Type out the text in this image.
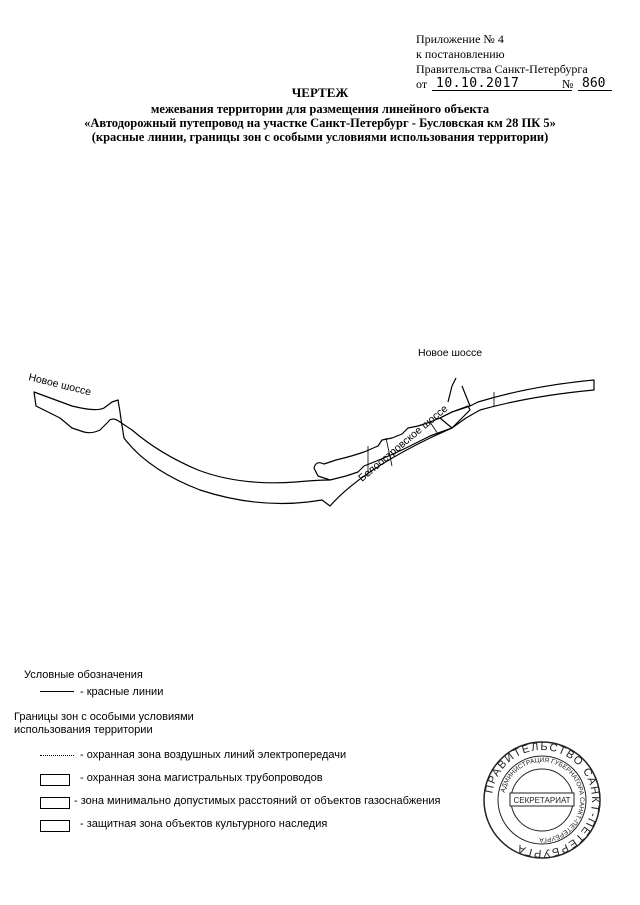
Приложение № 4
к постановлению
Правительства Санкт-Петербурга
от 10.10.2017	№ 860
ЧЕРТЕЖ
межевания территории для размещения линейного объекта
«Автодорожный путепровод на участке Санкт-Петербург - Бусловская км 28 ПК 5»
(красные линии, границы зон с особыми условиями использования территории)
Новое шоссе
Новое шоссе
Белоостровское шоссе
Условные обозначения
- красные линии
Границы зон с особыми условиями
использования территории
- охранная зона воздушных линий электропередачи
- охранная зона магистральных трубопроводов
- зона минимально допустимых расстояний от объектов газоснабжения
- защитная зона объектов культурного наследия
ПРАВИТЕЛЬСТВО САНКТ-ПЕТЕРБУРГА
АДМИНИСТРАЦИЯ ГУБЕРНАТОРА САНКТ-ПЕТЕРБУРГА
СЕКРЕТАРИАТ
